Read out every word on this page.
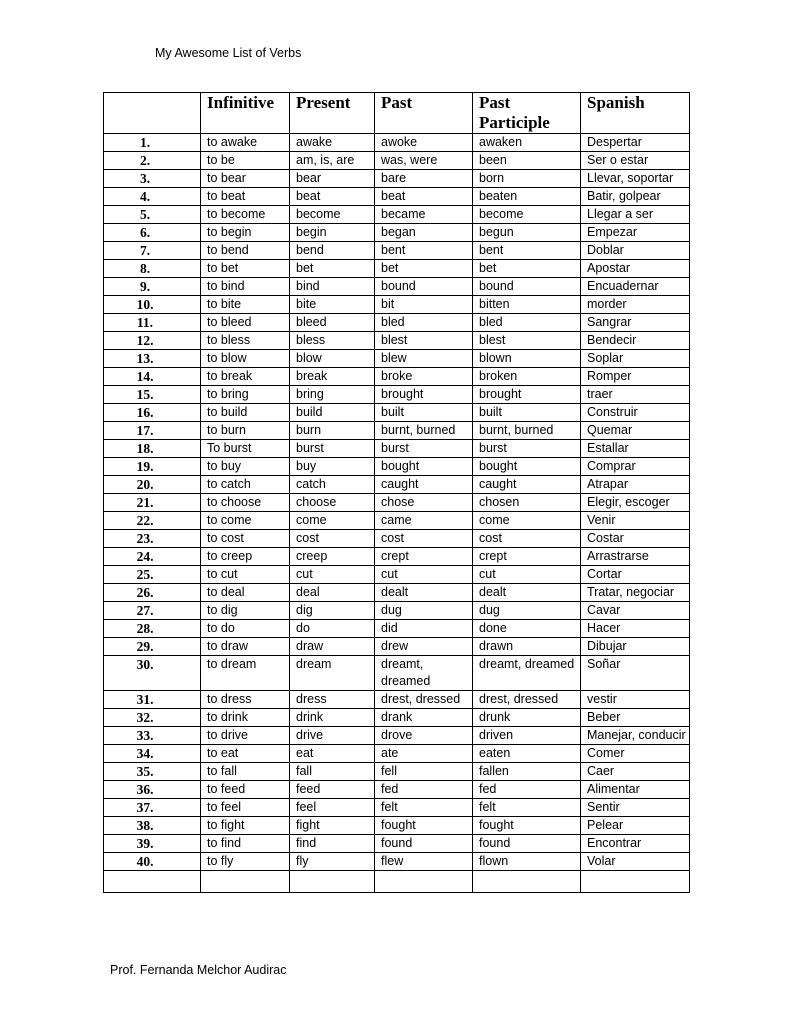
My Awesome List of Verbs
	Infinitive	Present	Past	Past Participle	Spanish
1.	to awake	awake	awoke	awaken	Despertar
2.	to be	am, is, are	was, were	been	Ser o estar
3.	to bear	bear	bare	born	Llevar, soportar
4.	to beat	beat	beat	beaten	Batir, golpear
5.	to become	become	became	become	Llegar a ser
6.	to begin	begin	began	begun	Empezar
7.	to bend	bend	bent	bent	Doblar
8.	to bet	bet	bet	bet	Apostar
9.	to bind	bind	bound	bound	Encuadernar
10.	to bite	bite	bit	bitten	morder
11.	to bleed	bleed	bled	bled	Sangrar
12.	to bless	bless	blest	blest	Bendecir
13.	to blow	blow	blew	blown	Soplar
14.	to break	break	broke	broken	Romper
15.	to bring	bring	brought	brought	traer
16.	to build	build	built	built	Construir
17.	to burn	burn	burnt, burned	burnt, burned	Quemar
18.	To burst	burst	burst	burst	Estallar
19.	to buy	buy	bought	bought	Comprar
20.	to catch	catch	caught	caught	Atrapar
21.	to choose	choose	chose	chosen	Elegir, escoger
22.	to come	come	came	come	Venir
23.	to cost	cost	cost	cost	Costar
24.	to creep	creep	crept	crept	Arrastrarse
25.	to cut	cut	cut	cut	Cortar
26.	to deal	deal	dealt	dealt	Tratar, negociar
27.	to dig	dig	dug	dug	Cavar
28.	to do	do	did	done	Hacer
29.	to draw	draw	drew	drawn	Dibujar
30.	to dream	dream	dreamt, dreamed	dreamt, dreamed	Soñar
31.	to dress	dress	drest, dressed	drest, dressed	vestir
32.	to drink	drink	drank	drunk	Beber
33.	to drive	drive	drove	driven	Manejar, conducir
34.	to eat	eat	ate	eaten	Comer
35.	to fall	fall	fell	fallen	Caer
36.	to feed	feed	fed	fed	Alimentar
37.	to feel	feel	felt	felt	Sentir
38.	to fight	fight	fought	fought	Pelear
39.	to find	find	found	found	Encontrar
40.	to fly	fly	flew	flown	Volar

Prof. Fernanda Melchor Audirac
